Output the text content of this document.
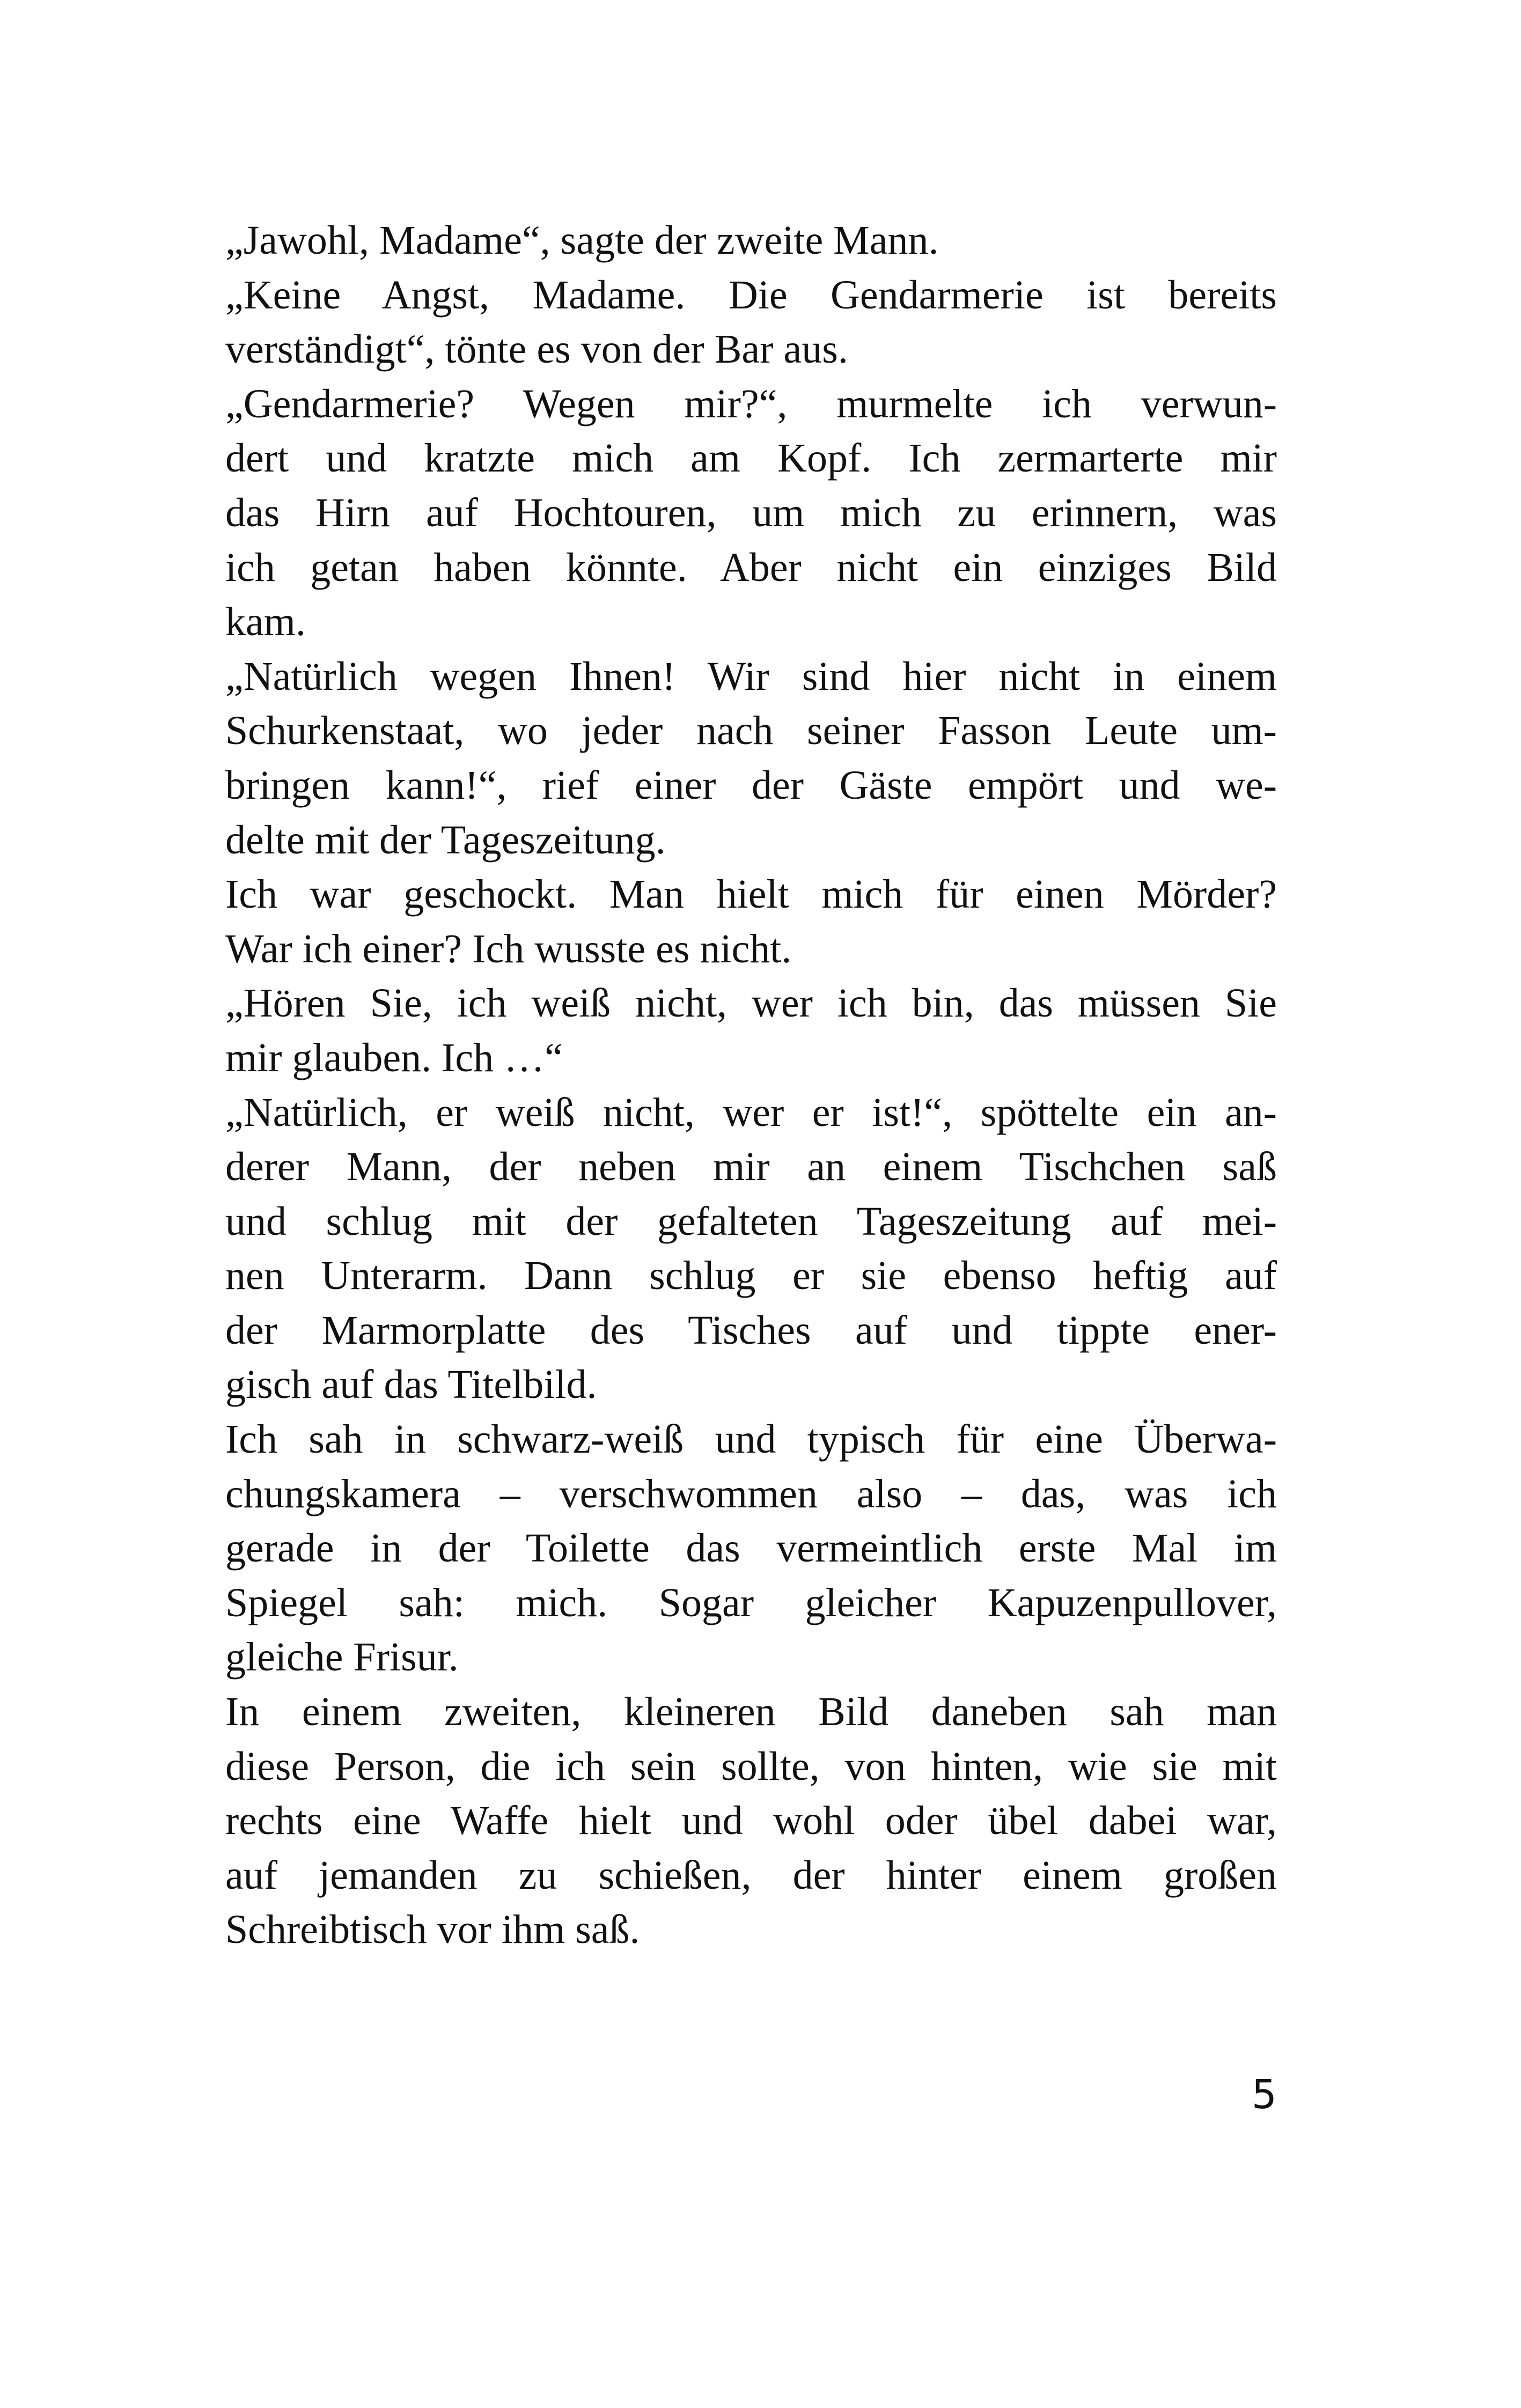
„Jawohl, Madame“, sagte der zweite Mann.
„Keine Angst, Madame. Die Gendarmerie ist bereits
verständigt“, tönte es von der Bar aus.
„Gendarmerie? Wegen mir?“, murmelte ich verwun-
dert und kratzte mich am Kopf. Ich zermarterte mir
das Hirn auf Hochtouren, um mich zu erinnern, was
ich getan haben könnte. Aber nicht ein einziges Bild
kam.
„Natürlich wegen Ihnen! Wir sind hier nicht in einem
Schurkenstaat, wo jeder nach seiner Fasson Leute um-
bringen kann!“, rief einer der Gäste empört und we-
delte mit der Tageszeitung.
Ich war geschockt. Man hielt mich für einen Mörder?
War ich einer? Ich wusste es nicht.
„Hören Sie, ich weiß nicht, wer ich bin, das müssen Sie
mir glauben. Ich …“
„Natürlich, er weiß nicht, wer er ist!“, spöttelte ein an-
derer Mann, der neben mir an einem Tischchen saß
und schlug mit der gefalteten Tageszeitung auf mei-
nen Unterarm. Dann schlug er sie ebenso heftig auf
der Marmorplatte des Tisches auf und tippte ener-
gisch auf das Titelbild.
Ich sah in schwarz-weiß und typisch für eine Überwa-
chungskamera – verschwommen also – das, was ich
gerade in der Toilette das vermeintlich erste Mal im
Spiegel sah: mich. Sogar gleicher Kapuzenpullover,
gleiche Frisur.
In einem zweiten, kleineren Bild daneben sah man
diese Person, die ich sein sollte, von hinten, wie sie mit
rechts eine Waffe hielt und wohl oder übel dabei war,
auf jemanden zu schießen, der hinter einem großen
Schreibtisch vor ihm saß.
5
